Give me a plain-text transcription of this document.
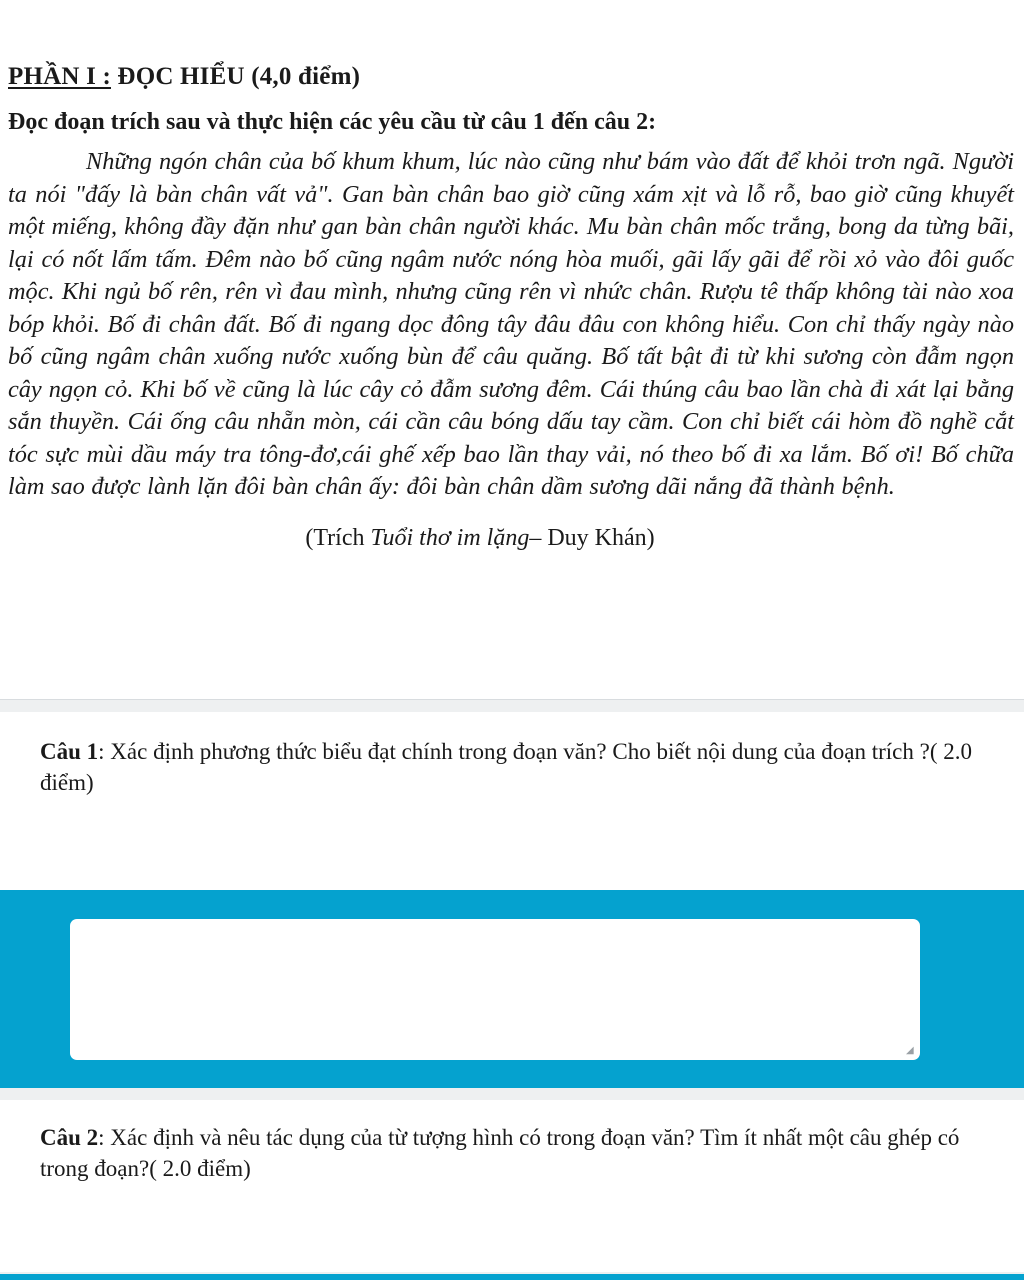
PHẦN I : ĐỌC HIỂU (4,0 điểm)
Đọc đoạn trích sau và thực hiện các yêu cầu từ câu 1 đến câu 2:

Những ngón chân của bố khum khum, lúc nào cũng như bám vào đất để khỏi trơn ngã. Người ta nói "đấy là bàn chân vất vả". Gan bàn chân bao giờ cũng xám xịt và lỗ rỗ, bao giờ cũng khuyết một miếng, không đầy đặn như gan bàn chân người khác. Mu bàn chân mốc trắng, bong da từng bãi, lại có nốt lấm tấm. Đêm nào bố cũng ngâm nước nóng hòa muối, gãi lấy gãi để rồi xỏ vào đôi guốc mộc. Khi ngủ bố rên, rên vì đau mình, nhưng cũng rên vì nhức chân. Rượu tê thấp không tài nào xoa bóp khỏi. Bố đi chân đất. Bố đi ngang dọc đông tây đâu đâu con không hiểu. Con chỉ thấy ngày nào bố cũng ngâm chân xuống nước xuống bùn để câu quăng. Bố tất bật đi từ khi sương còn đẫm ngọn cây ngọn cỏ. Khi bố về cũng là lúc cây cỏ đẫm sương đêm. Cái thúng câu bao lần chà đi xát lại bằng sắn thuyền. Cái ống câu nhẵn mòn, cái cần câu bóng dấu tay cầm. Con chỉ biết cái hòm đồ nghề cắt tóc sực mùi dầu máy tra tông-đơ,cái ghế xếp bao lần thay vải, nó theo bố đi xa lắm. Bố ơi! Bố chữa làm sao được lành lặn đôi bàn chân ấy: đôi bàn chân dầm sương dãi nắng đã thành bệnh.

(Trích Tuổi thơ im lặng– Duy Khán)

Câu 1: Xác định phương thức biểu đạt chính trong đoạn văn? Cho biết nội dung của đoạn trích ?( 2.0 điểm)

◢

Câu 2: Xác định và nêu tác dụng của từ tượng hình có trong đoạn văn? Tìm ít nhất một câu ghép có trong đoạn?( 2.0 điểm)
